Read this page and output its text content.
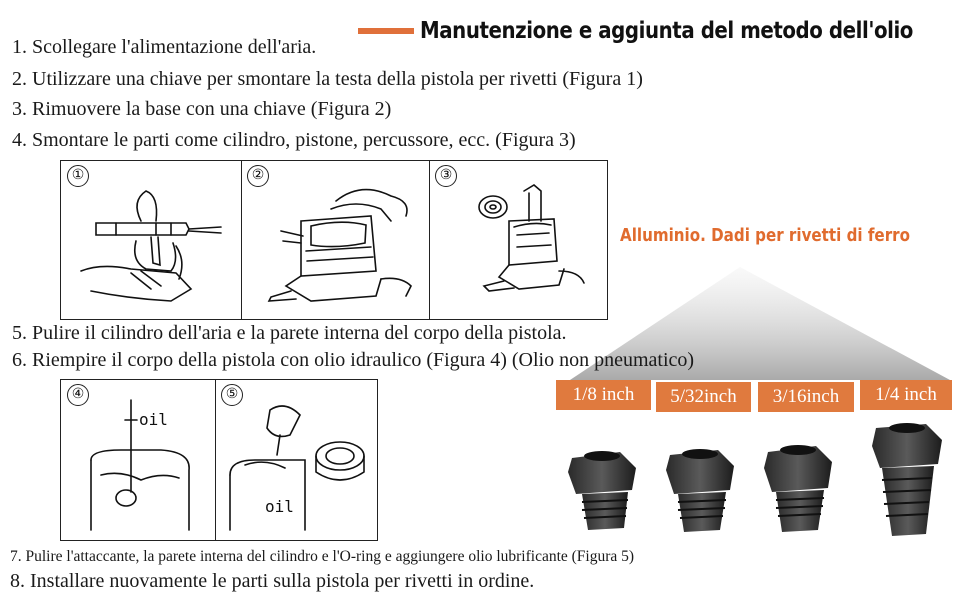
Manutenzione e aggiunta del metodo dell'olio
1. Scollegare l'alimentazione dell'aria.
2. Utilizzare una chiave per smontare la testa della pistola per rivetti (Figura 1)
3. Rimuovere la base con una chiave (Figura 2)
4. Smontare le parti come cilindro, pistone, percussore, ecc. (Figura 3)
①	②	③
Alluminio. Dadi per rivetti di ferro
5. Pulire il cilindro dell'aria e la parete interna del corpo della pistola.
6. Riempire il corpo della pistola con olio idraulico (Figura 4) (Olio non pneumatico)
1/8 inch	5/32inch	3/16inch	1/4 inch
④
oil
⑤
oil
7. Pulire l'attaccante, la parete interna del cilindro e l'O-ring e aggiungere olio lubrificante (Figura 5)
8. Installare nuovamente le parti sulla pistola per rivetti in ordine.
